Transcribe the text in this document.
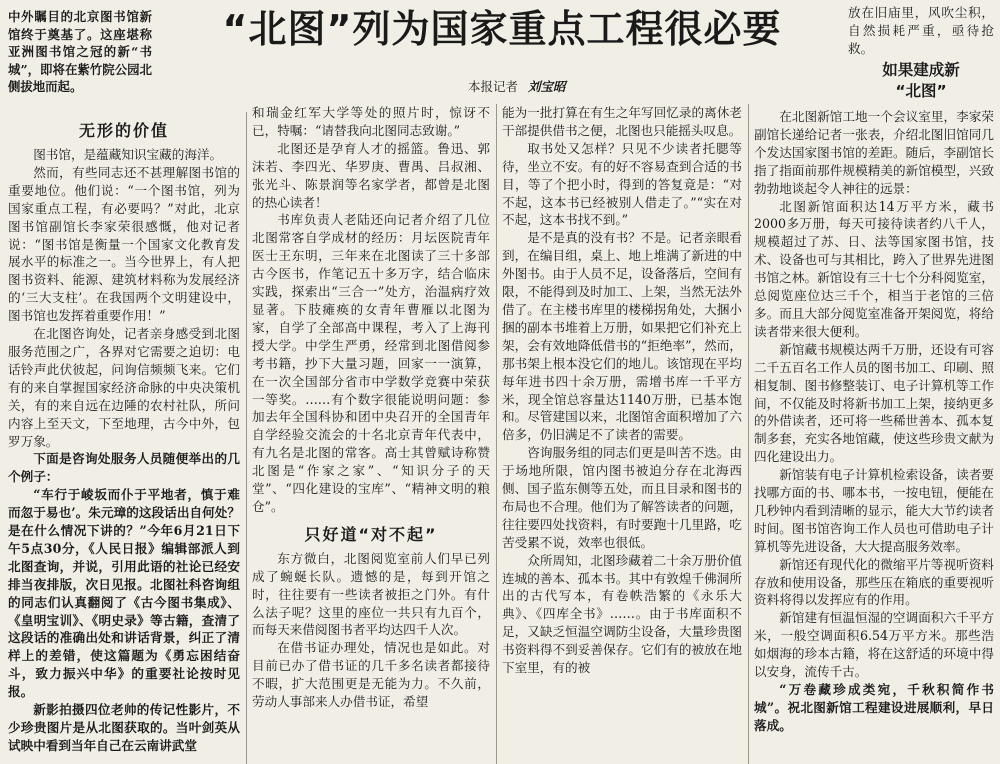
中外瞩目的北京图书馆新馆终于奠基了。这座堪称亚洲图书馆之冠的新“书城”，即将在紫竹院公园北侧拔地而起。
“北图”列为国家重点工程很必要
本报记者 刘宝昭

放在旧庙里，风吹尘积，自然损耗严重，亟待抢救。

如果建成新
“北图”
无形的价值

图书馆，是蕴藏知识宝藏的海洋。

然而，有些同志还不甚理解图书馆的重要地位。他们说：“一个图书馆，列为国家重点工程，有必要吗？”对此，北京图书馆副馆长李家荣很感慨，他对记者说：“图书馆是衡量一个国家文化教育发展水平的标准之一。当今世界上，有人把图书资料、能源、建筑材料称为发展经济的‘三大支柱’。在我国两个文明建设中，图书馆也发挥着重要作用！”

在北图咨询处，记者亲身感受到北图服务范围之广，各界对它需要之迫切：电话铃声此伏彼起，问询信频频飞来。它们有的来自掌握国家经济命脉的中央决策机关，有的来自远在边陲的农村社队，所问内容上至天文，下至地理，古今中外，包罗万象。

下面是咨询处服务人员随便举出的几个例子：

“车行于崚坂而仆于平地者，慎于难而忽于易也’。朱元璋的这段话出自何处？是在什么情况下讲的？”今年6月21日下午5点30分，《人民日报》编辑部派人到北图查询，并说，引用此语的社论已经安排当夜排版，次日见报。北图社科咨询组的同志们认真翻阅了《古今图书集成》、《皇明宝训》、《明史录》等古籍，查清了这段话的准确出处和讲话背景，纠正了清样上的差错，使这篇题为《勇忘困结奋斗，致力振兴中华》的重要社论按时见报。

新影拍摄四位老帅的传记性影片，不少珍贵图片是从北图获取的。当叶剑英从试映中看到当年自己在云南讲武堂

和瑞金红军大学等处的照片时，惊讶不已，特嘱：“请替我向北图同志致谢。”

北图还是孕育人才的摇篮。鲁迅、郭沫若、李四光、华罗庚、曹禺、吕叔湘、张光斗、陈景润等名家学者，都曾是北图的热心读者！

书库负责人老陆还向记者介绍了几位北图常客自学成材的经历：月坛医院青年医士王东明，三年来在北图读了三十多部古今医书，作笔记五十多万字，结合临床实践，探索出“三合一”处方，治温病疗效显著。下肢瘫痪的女青年曹雁以北图为家，自学了全部高中课程，考入了上海刊授大学。中学生严勇，经常到北图借阅参考书籍，抄下大量习题，回家一一演算，在一次全国部分省市中学数学竞赛中荣获一等奖。……有个数字很能说明问题：参加去年全国科协和团中央召开的全国青年自学经验交流会的十名北京青年代表中，有九名是北图的常客。高士其曾赋诗称赞北图是“作家之家”、“知识分子的天堂”、“四化建设的宝库”、“精神文明的粮仓”。

只好道“对不起”

东方微白，北图阅览室前人们早已列成了蜿蜒长队。遗憾的是，每到开馆之时，往往要有一些读者被拒之门外。有什么法子呢？这里的座位一共只有九百个，而每天来借阅图书者平均达四千人次。

在借书证办理处，情况也是如此。对目前已办了借书证的几千多名读者都接待不暇，扩大范围更是无能为力。不久前，劳动人事部来人办借书证，希望

能为一批打算在有生之年写回忆录的离休老干部提供借书之便，北图也只能摇头叹息。

取书处又怎样？只见不少读者托腮等待，坐立不安。有的好不容易查到合适的书目，等了个把小时，得到的答复竟是：“对不起，这本书已经被别人借走了。”“实在对不起，这本书找不到。”

是不是真的没有书？不是。记者亲眼看到，在编目组，桌上、地上堆满了新进的中外图书。由于人员不足，设备落后，空间有限，不能得到及时加工、上架，当然无法外借了。在主楼书库里的楼梯拐角处，大捆小捆的副本书堆着上万册，如果把它们补充上架，会有效地降低借书的“拒绝率”，然而，那书架上根本没它们的地儿。该馆现在平均每年进书四十余万册，需增书库一千平方米，现全馆总容量达1140万册，已基本饱和。尽管建国以来，北图馆舍面积增加了六倍多，仍旧满足不了读者的需要。

咨询服务组的同志们更是叫苦不迭。由于场地所限，馆内图书被迫分存在北海西侧、国子监东侧等五处，而且目录和图书的布局也不合理。他们为了解答读者的问题，往往要四处找资料，有时要跑十几里路，吃苦受累不说，效率也很低。

众所周知，北图珍藏着二十余万册价值连城的善本、孤本书。其中有敦煌千佛洞所出的古代写本，有卷帙浩繁的《永乐大典》、《四库全书》……。由于书库面积不足，又缺乏恒温空调防尘设备，大量珍贵图书资料得不到妥善保存。它们有的被放在地下室里，有的被

在北图新馆工地一个会议室里，李家荣副馆长递给记者一张表，介绍北图旧馆同几个发达国家图书馆的差距。随后，李副馆长指了指面前那件规模精美的新馆模型，兴致勃勃地谈起令人神往的远景：

北图新馆面积达14万平方米，藏书2000多万册，每天可接待读者约八千人，规模超过了苏、日、法等国家图书馆，技术、设备也可与其相比，跨入了世界先进图书馆之林。新馆设有三十七个分科阅览室，总阅览座位达三千个，相当于老馆的三倍多。而且大部分阅览室准备开架阅览，将给读者带来很大便利。

新馆藏书规模达两千万册，还设有可容二千五百名工作人员的图书加工、印刷、照相复制、图书修整装订、电子计算机等工作间，不仅能及时将新书加工上架，接纳更多的外借读者，还可将一些稀世善本、孤本复制多套，充实各地馆藏，使这些珍贵文献为四化建设出力。

新馆装有电子计算机检索设备，读者要找哪方面的书、哪本书，一按电钮，便能在几秒钟内看到清晰的显示，能大大节约读者时间。图书馆咨询工作人员也可借助电子计算机等先进设备，大大提高服务效率。

新馆还有现代化的微缩平片等视听资料存放和使用设备，那些压在箱底的重要视听资料将得以发挥应有的作用。

新馆建有恒温恒湿的空调面积六千平方米，一般空调面积6.54万平方米。那些浩如烟海的珍本古籍，将在这舒适的环境中得以安身，流传千古。

“万卷藏珍成类宛，千秋积简作书城”。祝北图新馆工程建设进展顺利，早日落成。
